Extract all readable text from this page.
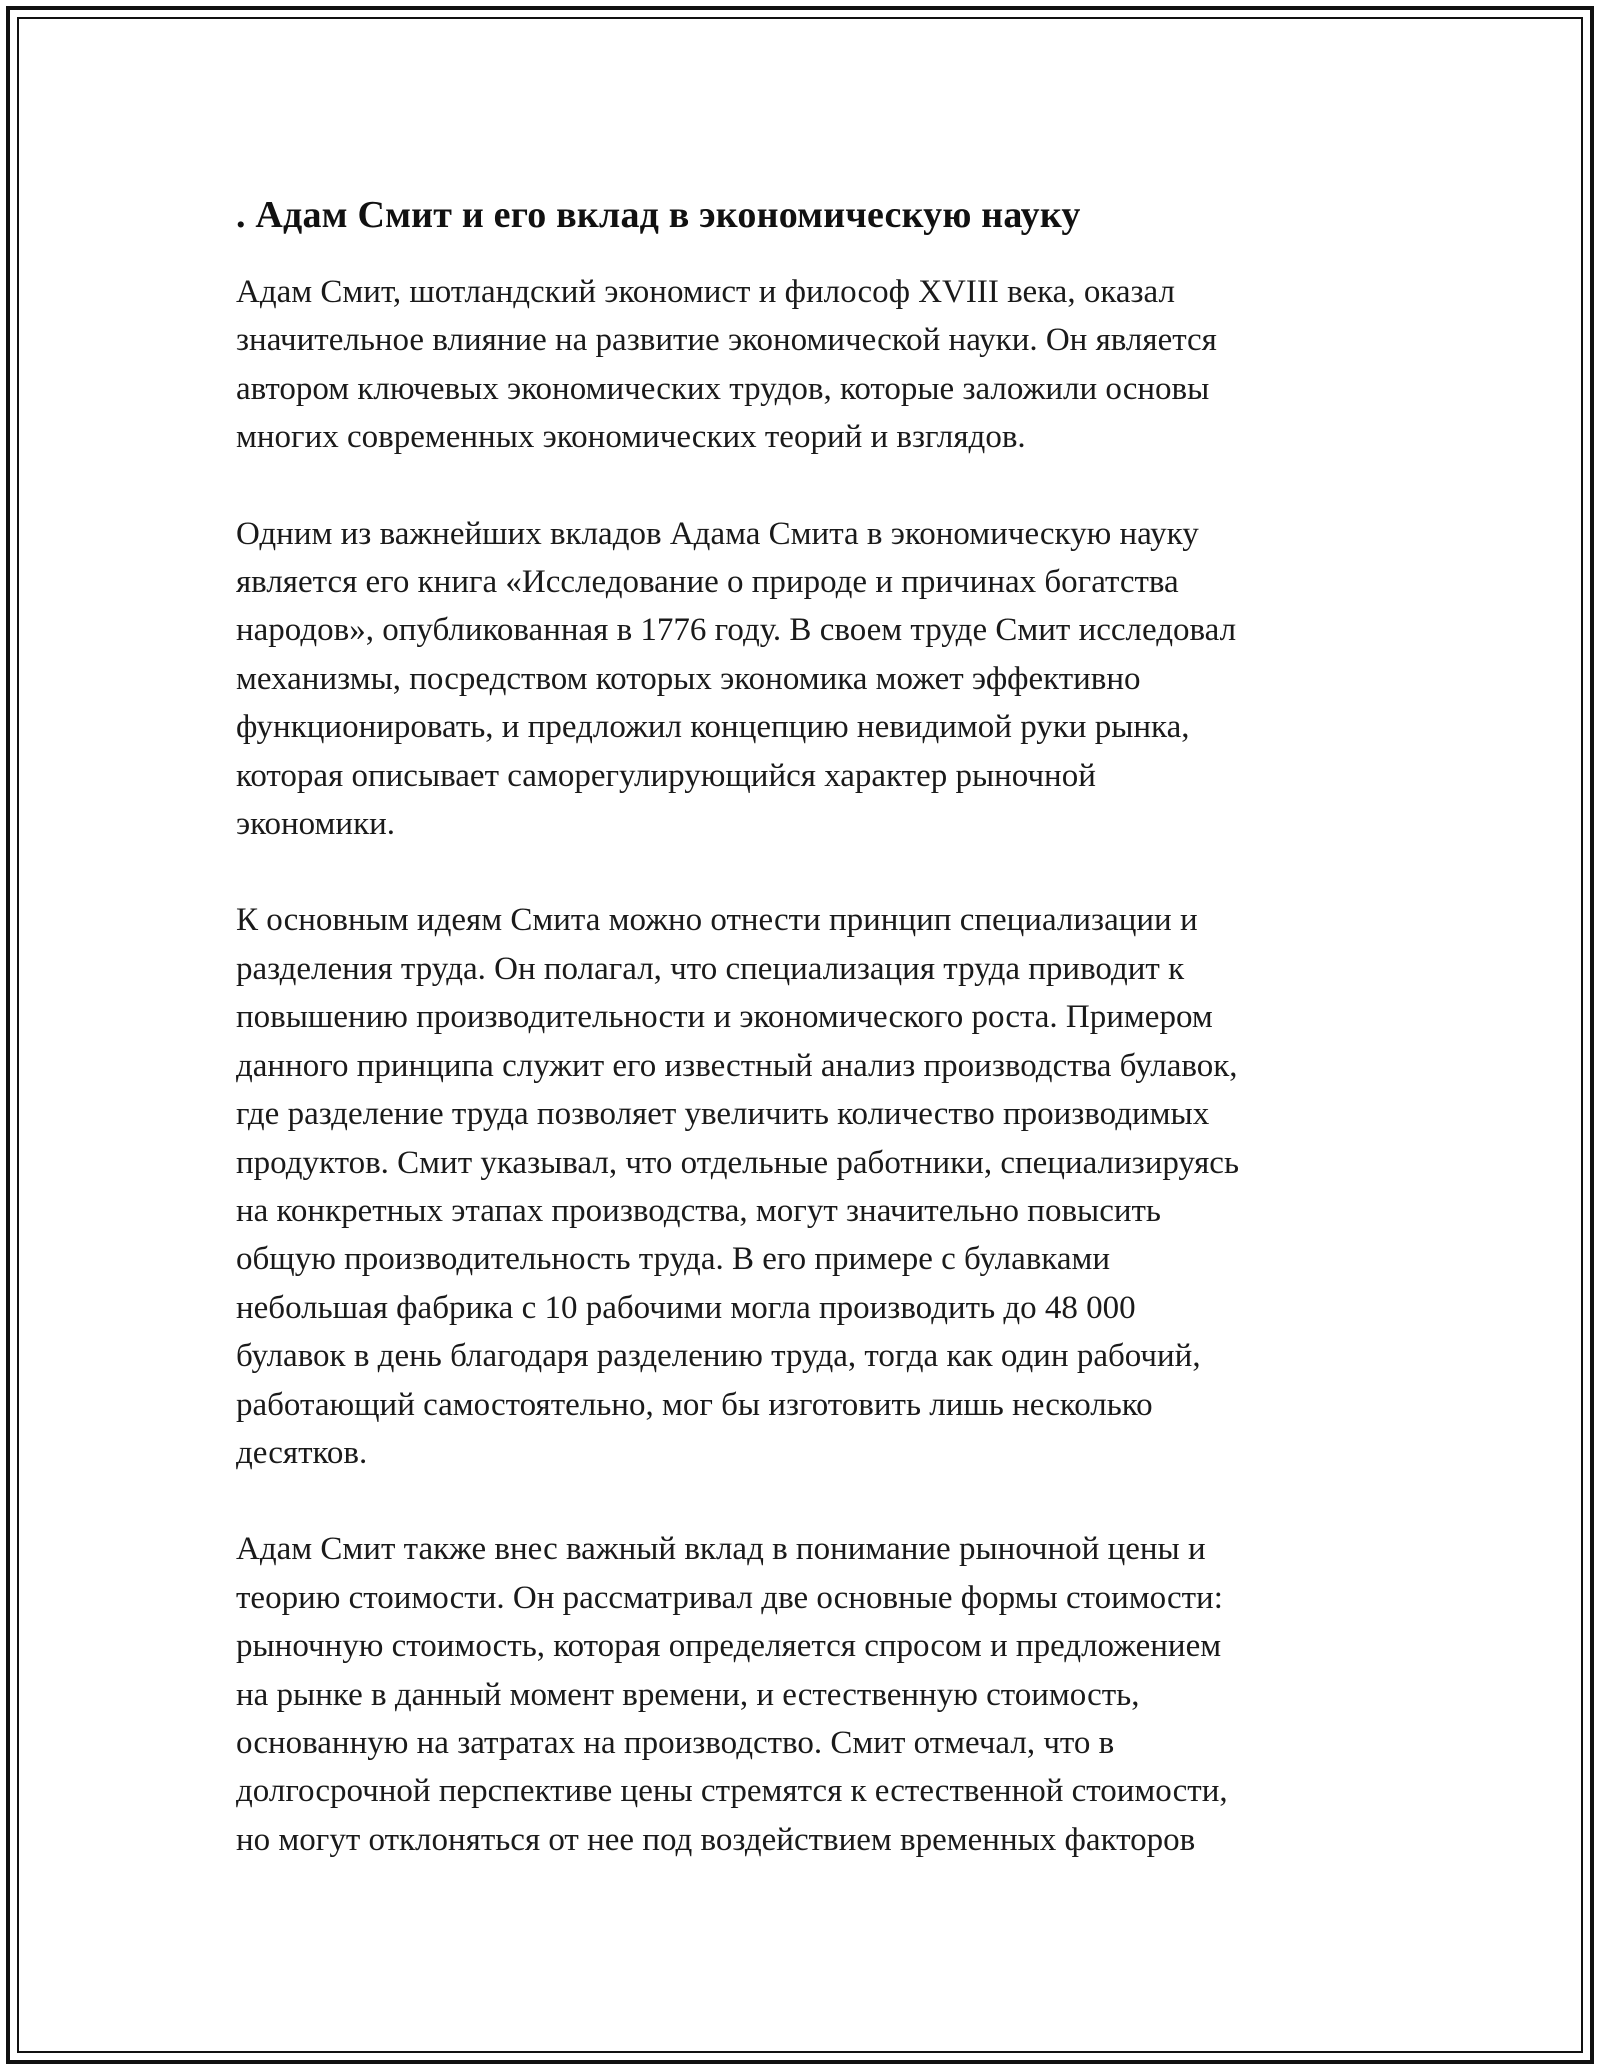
. Адам Смит и его вклад в экономическую науку

Адам Смит, шотландский экономист и философ XVIII века, оказал
значительное влияние на развитие экономической науки. Он является
автором ключевых экономических трудов, которые заложили основы
многих современных экономических теорий и взглядов.

Одним из важнейших вкладов Адама Смита в экономическую науку
является его книга «Исследование о природе и причинах богатства
народов», опубликованная в 1776 году. В своем труде Смит исследовал
механизмы, посредством которых экономика может эффективно
функционировать, и предложил концепцию невидимой руки рынка,
которая описывает саморегулирующийся характер рыночной
экономики.

К основным идеям Смита можно отнести принцип специализации и
разделения труда. Он полагал, что специализация труда приводит к
повышению производительности и экономического роста. Примером
данного принципа служит его известный анализ производства булавок,
где разделение труда позволяет увеличить количество производимых
продуктов. Смит указывал, что отдельные работники, специализируясь
на конкретных этапах производства, могут значительно повысить
общую производительность труда. В его примере с булавками
небольшая фабрика с 10 рабочими могла производить до 48 000
булавок в день благодаря разделению труда, тогда как один рабочий,
работающий самостоятельно, мог бы изготовить лишь несколько
десятков.

Адам Смит также внес важный вклад в понимание рыночной цены и
теорию стоимости. Он рассматривал две основные формы стоимости:
рыночную стоимость, которая определяется спросом и предложением
на рынке в данный момент времени, и естественную стоимость,
основанную на затратах на производство. Смит отмечал, что в
долгосрочной перспективе цены стремятся к естественной стоимости,
но могут отклоняться от нее под воздействием временных факторов
